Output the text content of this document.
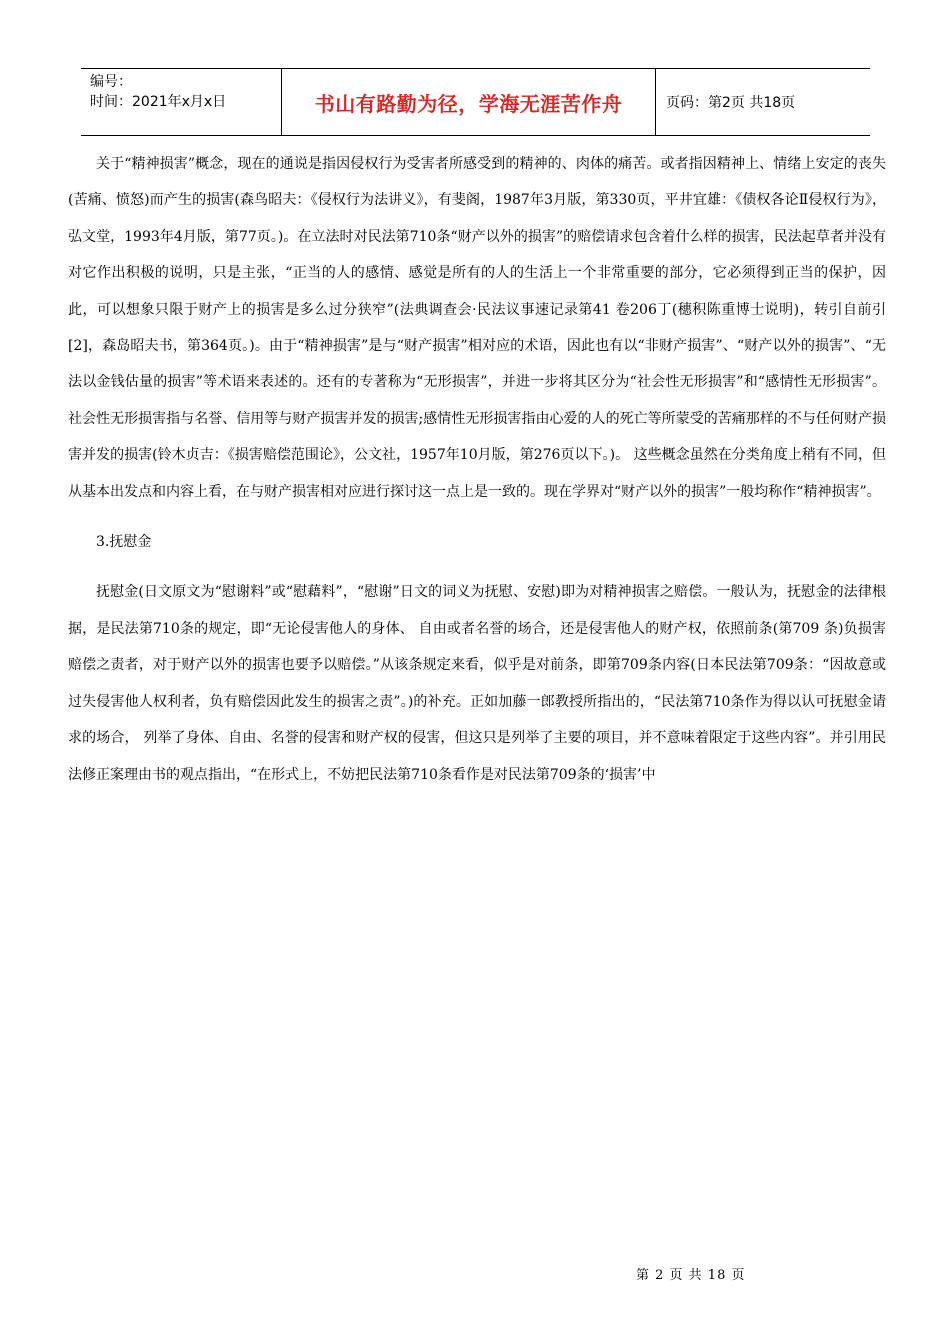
编号：
时间：2021年x月x日	书山有路勤为径，学海无涯苦作舟	页码：第2页 共18页

关于“精神损害”概念，现在的通说是指因侵权行为受害者所感受到的精神的、肉体的痛苦。或者指因精神上、情绪上安定的丧失(苦痛、愤怒)而产生的损害(森鸟昭夫：《侵权行为法讲义》，有斐阁，1987年3月版，第330页，平井宜雄：《债权各论Ⅱ侵权行为》，弘文堂，1993年4月版，第77页。)。在立法时对民法第710条“财产以外的损害”的赔偿请求包含着什么样的损害，民法起草者并没有对它作出积极的说明，只是主张，“正当的人的感情、感觉是所有的人的生活上一个非常重要的部分，它必须得到正当的保护，因此，可以想象只限于财产上的损害是多么过分狭窄”(法典调查会·民法议事速记录第41 卷206丁(穗积陈重博士说明)，转引自前引[2]，森岛昭夫书，第364页。)。由于“精神损害”是与“财产损害”相对应的术语，因此也有以“非财产损害”、“财产以外的损害”、“无法以金钱估量的损害”等术语来表述的。还有的专著称为“无形损害”，并进一步将其区分为“社会性无形损害”和“感情性无形损害”。社会性无形损害指与名誉、信用等与财产损害并发的损害;感情性无形损害指由心爱的人的死亡等所蒙受的苦痛那样的不与任何财产损害并发的损害(铃木贞吉：《损害赔偿范围论》，公文社，1957年10月版，第276页以下。)。 这些概念虽然在分类角度上稍有不同，但从基本出发点和内容上看，在与财产损害相对应进行探讨这一点上是一致的。现在学界对“财产以外的损害”一般均称作“精神损害”。

3.抚慰金

抚慰金(日文原文为“慰谢料”或“慰藉料”，“慰谢”日文的词义为抚慰、安慰)即为对精神损害之赔偿。一般认为，抚慰金的法律根据，是民法第710条的规定，即“无论侵害他人的身体、 自由或者名誉的场合，还是侵害他人的财产权，依照前条(第709 条)负损害赔偿之责者，对于财产以外的损害也要予以赔偿。”从该条规定来看，似乎是对前条，即第709条内容(日本民法第709条：“因故意或过失侵害他人权利者，负有赔偿因此发生的损害之责”。)的补充。正如加藤一郎教授所指出的，“民法第710条作为得以认可抚慰金请求的场合， 列举了身体、自由、名誉的侵害和财产权的侵害，但这只是列举了主要的项目，并不意味着限定于这些内容”。并引用民法修正案理由书的观点指出，“在形式上，不妨把民法第710条看作是对民法第709条的‘损害’中

第 2 页 共 18 页
